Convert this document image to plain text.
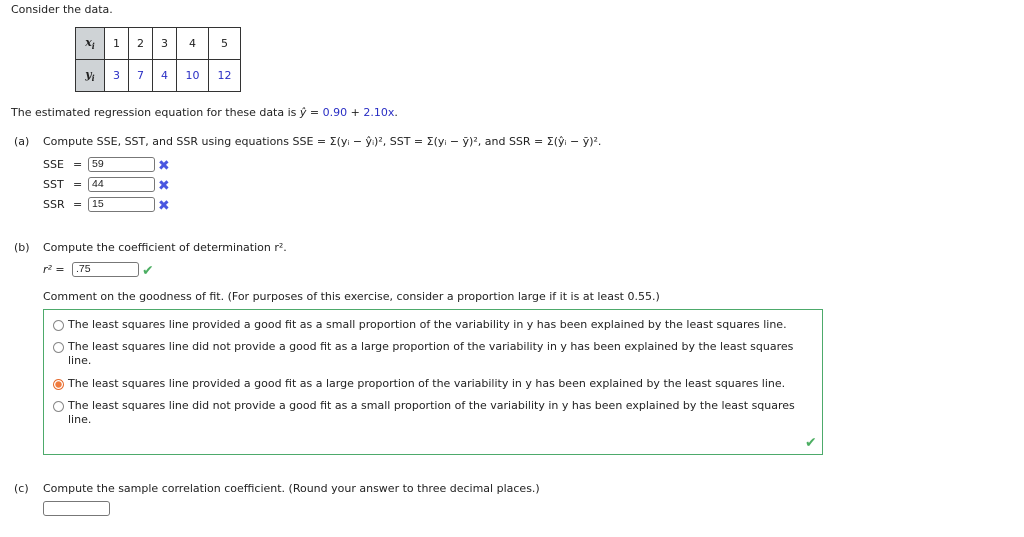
Consider the data.
$x_i$	1	2	3	4	5
$y_i$	3	7	4	10	12
The estimated regression equation for these data is ŷ = 0.90 + 2.10x.
(a) Compute SSE, SST, and SSR using equations SSE = Σ(yᵢ − ŷᵢ)², SST = Σ(yᵢ − ȳ)², and SSR = Σ(ŷᵢ − ȳ)².
SSE = 59	✖
SST = 44	✖
SSR = 15	✖
(b) Compute the coefficient of determination r².
r² =	.75	✔
Comment on the goodness of fit. (For purposes of this exercise, consider a proportion large if it is at least 0.55.)
The least squares line provided a good fit as a small proportion of the variability in y has been explained by the least squares line.
The least squares line did not provide a good fit as a large proportion of the variability in y has been explained by the least squares line.
The least squares line provided a good fit as a large proportion of the variability in y has been explained by the least squares line.
The least squares line did not provide a good fit as a small proportion of the variability in y has been explained by the least squares line.
✔
(c) Compute the sample correlation coefficient. (Round your answer to three decimal places.)
